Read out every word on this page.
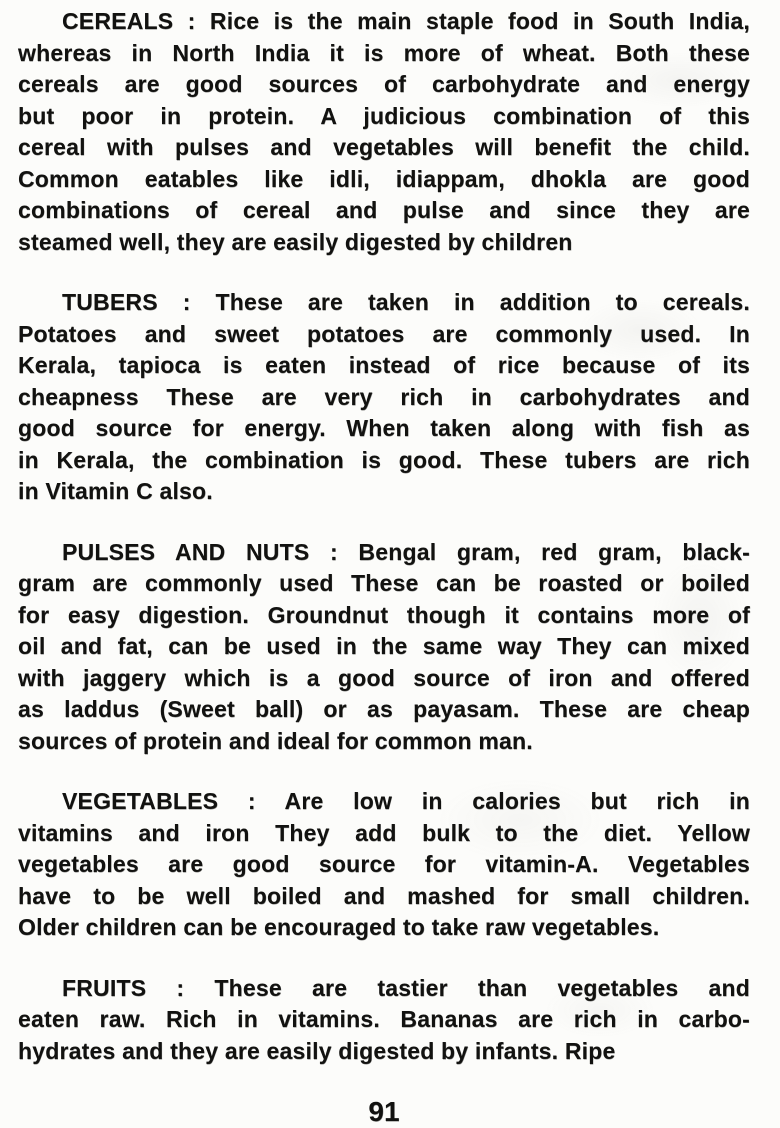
CEREALS : Rice is the main staple food in South India,
whereas in North India it is more of wheat. Both these
cereals are good sources of carbohydrate and energy
but poor in protein. A judicious combination of this
cereal with pulses and vegetables will benefit the child.
Common eatables like idli, idiappam, dhokla are good
combinations of cereal and pulse and since they are
steamed well, they are easily digested by children
TUBERS : These are taken in addition to cereals.
Potatoes and sweet potatoes are commonly used. In
Kerala, tapioca is eaten instead of rice because of its
cheapness These are very rich in carbohydrates and
good source for energy. When taken along with fish as
in Kerala, the combination is good. These tubers are rich
in Vitamin C also.
PULSES AND NUTS : Bengal gram, red gram, black-
gram are commonly used These can be roasted or boiled
for easy digestion. Groundnut though it contains more of
oil and fat, can be used in the same way They can mixed
with jaggery which is a good source of iron and offered
as laddus (Sweet ball) or as payasam. These are cheap
sources of protein and ideal for common man.
VEGETABLES : Are low in calories but rich in
vitamins and iron They add bulk to the diet. Yellow
vegetables are good source for vitamin-A. Vegetables
have to be well boiled and mashed for small children.
Older children can be encouraged to take raw vegetables.
FRUITS : These are tastier than vegetables and
eaten raw. Rich in vitamins. Bananas are rich in carbo-
hydrates and they are easily digested by infants. Ripe
91
